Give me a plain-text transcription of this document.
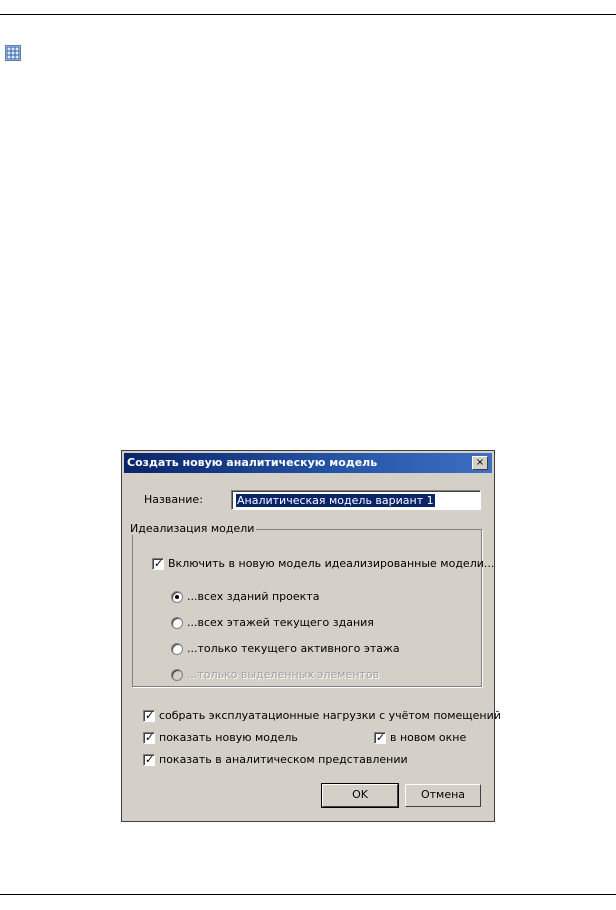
Создать новую аналитическую модель	×
Название:	Аналитическая модель вариант 1
Идеализация модели
✓ Включить в новую модель идеализированные модели...
...всех зданий проекта
...всех этажей текущего здания
...только текущего активного этажа
...только выделенных элементов
✓ собрать эксплуатационные нагрузки с учётом помещений
✓ показать новую модель	✓ в новом окне
✓ показать в аналитическом представлении
OK	Отмена
